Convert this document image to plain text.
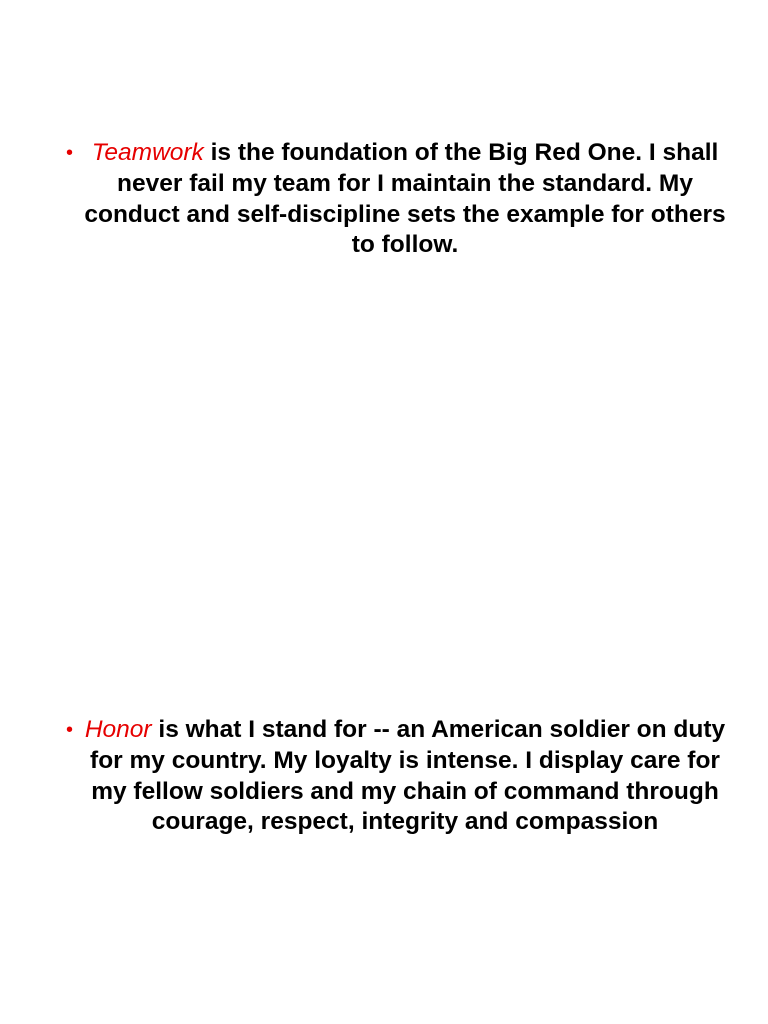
• Teamwork is the foundation of the Big Red One. I shall never fail my team for I maintain the standard. My conduct and self-discipline sets the example for others to follow.

• Honor is what I stand for -- an American soldier on duty for my country. My loyalty is intense. I display care for my fellow soldiers and my chain of command through courage, respect, integrity and compassion
